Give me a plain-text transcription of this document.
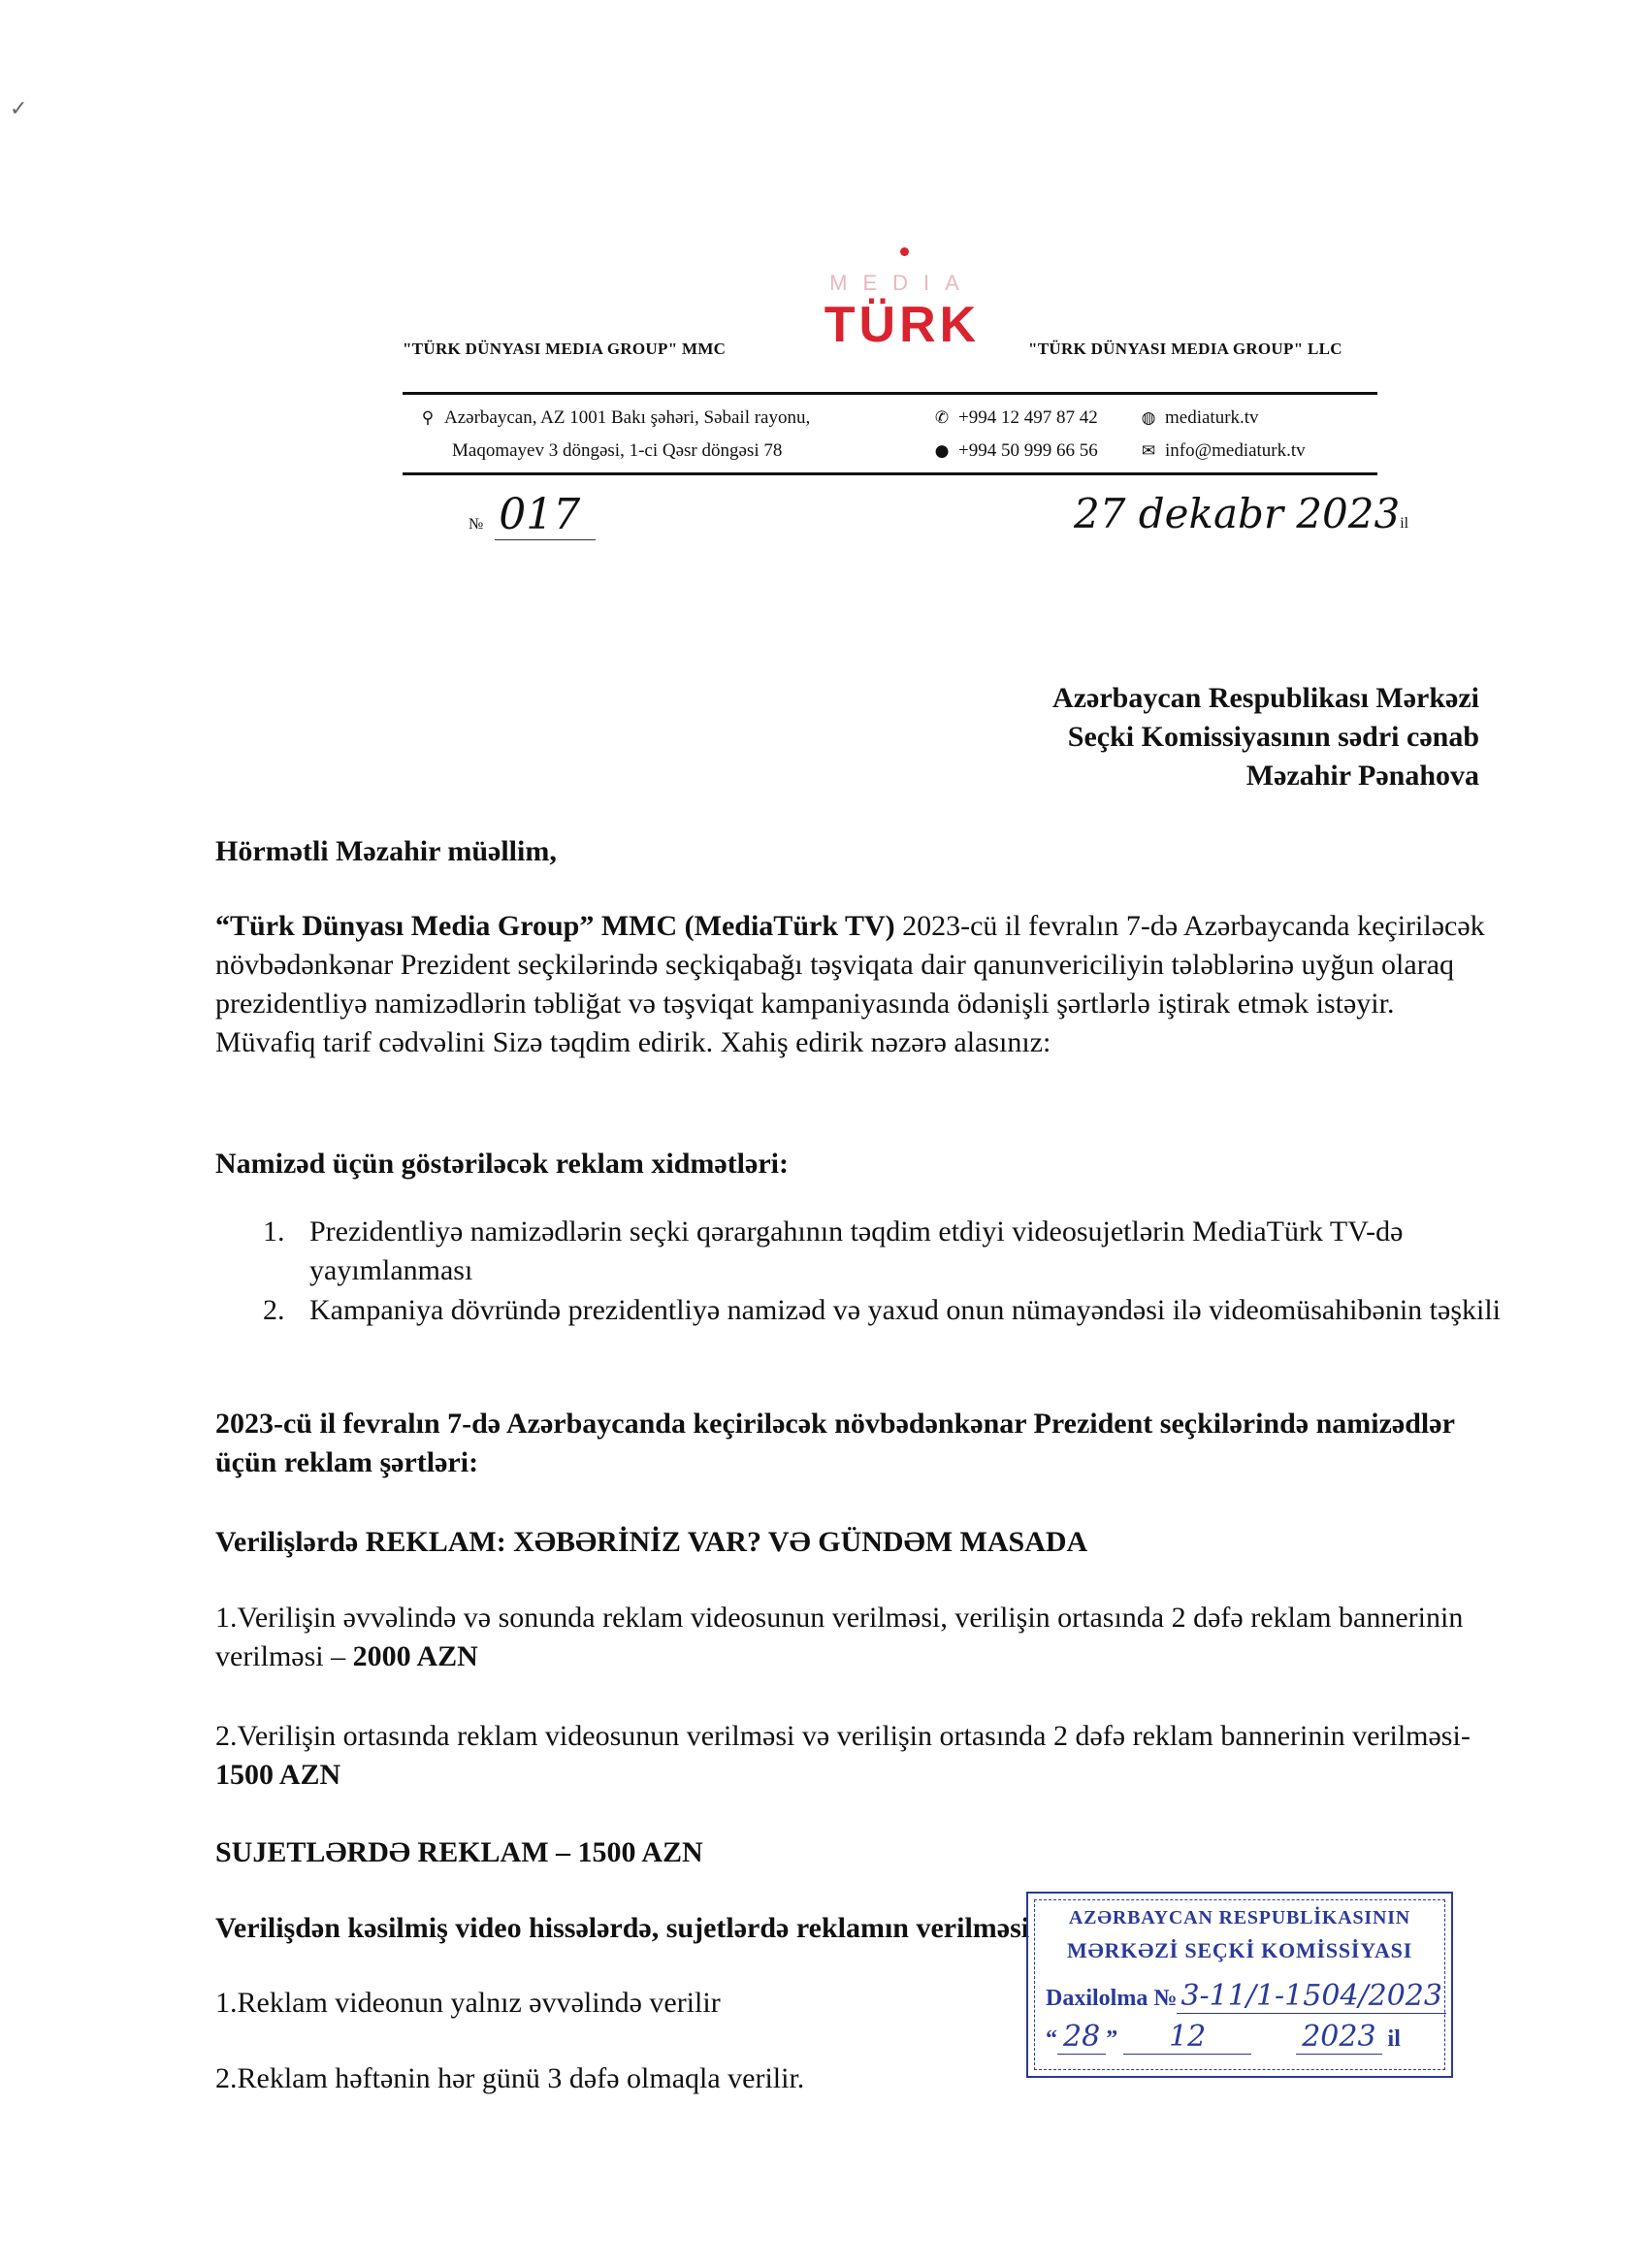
✓
MEDIA
TÜRK
"TÜRK DÜNYASI MEDIA GROUP" MMC	"TÜRK DÜNYASI MEDIA GROUP" LLC
⚲ Azərbaycan, AZ 1001 Bakı şəhəri, Səbail rayonu,
Maqomayev 3 döngəsi, 1-ci Qəsr döngəsi 78
✆ +994 12 497 87 42
● +994 50 999 66 56
◍ mediaturk.tv
✉ info@mediaturk.tv
№ 017	27 dekabr 2023il
Azərbaycan Respublikası Mərkəzi
Seçki Komissiyasının sədri cənab
Məzahir Pənahova
Hörmətli Məzahir müəllim,
“Türk Dünyası Media Group” MMC (MediaTürk TV) 2023-cü il fevralın 7-də Azərbaycanda keçiriləcək növbədənkənar Prezident seçkilərində seçkiqabağı təşviqata dair qanunvericiliyin tələblərinə uyğun olaraq prezidentliyə namizədlərin təbliğat və təşviqat kampaniyasında ödənişli şərtlərlə iştirak etmək istəyir. Müvafiq tarif cədvəlini Sizə təqdim edirik. Xahiş edirik nəzərə alasınız:
Namizəd üçün göstəriləcək reklam xidmətləri:
1. Prezidentliyə namizədlərin seçki qərargahının təqdim etdiyi videosujetlərin MediaTürk TV-də yayımlanması
2. Kampaniya dövründə prezidentliyə namizəd və yaxud onun nümayəndəsi ilə videomüsahibənin təşkili
2023-cü il fevralın 7-də Azərbaycanda keçiriləcək növbədənkənar Prezident seçkilərində namizədlər üçün reklam şərtləri:
Verilişlərdə REKLAM: XƏBƏRİNİZ VAR? VƏ GÜNDƏM MASADA
1.Verilişin əvvəlində və sonunda reklam videosunun verilməsi, verilişin ortasında 2 dəfə reklam bannerinin verilməsi – 2000 AZN
2.Verilişin ortasında reklam videosunun verilməsi və verilişin ortasında 2 dəfə reklam bannerinin verilməsi- 1500 AZN
SUJETLƏRDƏ REKLAM – 1500 AZN
Verilişdən kəsilmiş video hissələrdə, sujetlərdə reklamın verilməsi
1.Reklam videonun yalnız əvvəlində verilir
2.Reklam həftənin hər günü 3 dəfə olmaqla verilir.
AZƏRBAYCAN RESPUBLİKASININ
MƏRKƏZİ SEÇKİ KOMİSSİYASI
Daxilolma № 3-11/1-1504/2023
“ 28 ” 12	2023 il
